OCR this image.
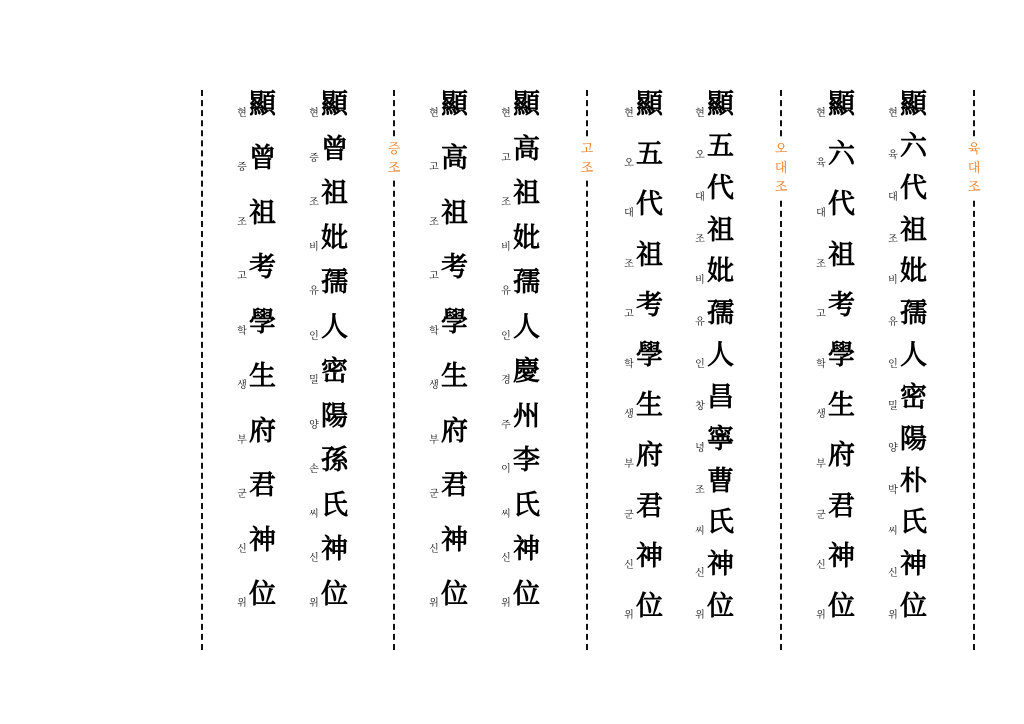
육
대
조
오
대
조
고
조
증
조
현 顯
육 六
대 代
조 祖
비 妣
유 孺
인 人
밀 密
양 陽
박 朴
씨 氏
신 神
위 位
현 顯
육 六
대 代
조 祖
고 考
학 學
생 生
부 府
군 君
신 神
위 位
현 顯
오 五
대 代
조 祖
비 妣
유 孺
인 人
창 昌
녕 寧
조 曹
씨 氏
신 神
위 位
현 顯
오 五
대 代
조 祖
고 考
학 學
생 生
부 府
군 君
신 神
위 位
현 顯
고 高
조 祖
비 妣
유 孺
인 人
경 慶
주 州
이 李
씨 氏
신 神
위 位
현 顯
고 高
조 祖
고 考
학 學
생 生
부 府
군 君
신 神
위 位
현 顯
증 曾
조 祖
비 妣
유 孺
인 人
밀 密
양 陽
손 孫
씨 氏
신 神
위 位
현 顯
증 曾
조 祖
고 考
학 學
생 生
부 府
군 君
신 神
위 位
